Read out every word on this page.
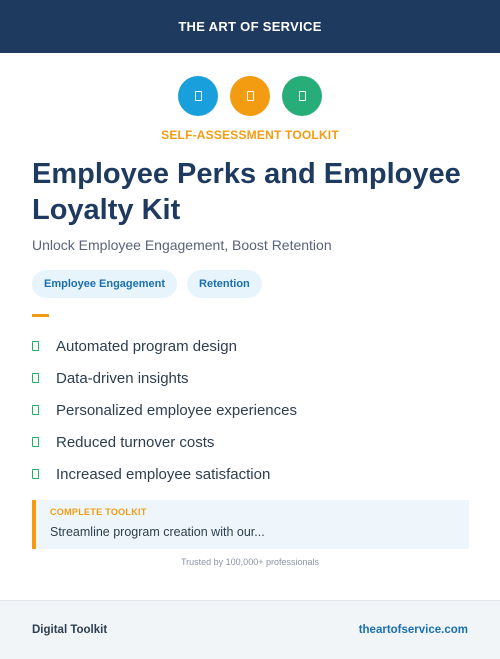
THE ART OF SERVICE
SELF-ASSESSMENT TOOLKIT
Employee Perks and Employee Loyalty Kit

Unlock Employee Engagement, Boost Retention

Employee Engagement	Retention
Automated program design
Data-driven insights
Personalized employee experiences
Reduced turnover costs
Increased employee satisfaction
COMPLETE TOOLKIT
Streamline program creation with our...
Trusted by 100,000+ professionals
Digital Toolkit	theartofservice.com
